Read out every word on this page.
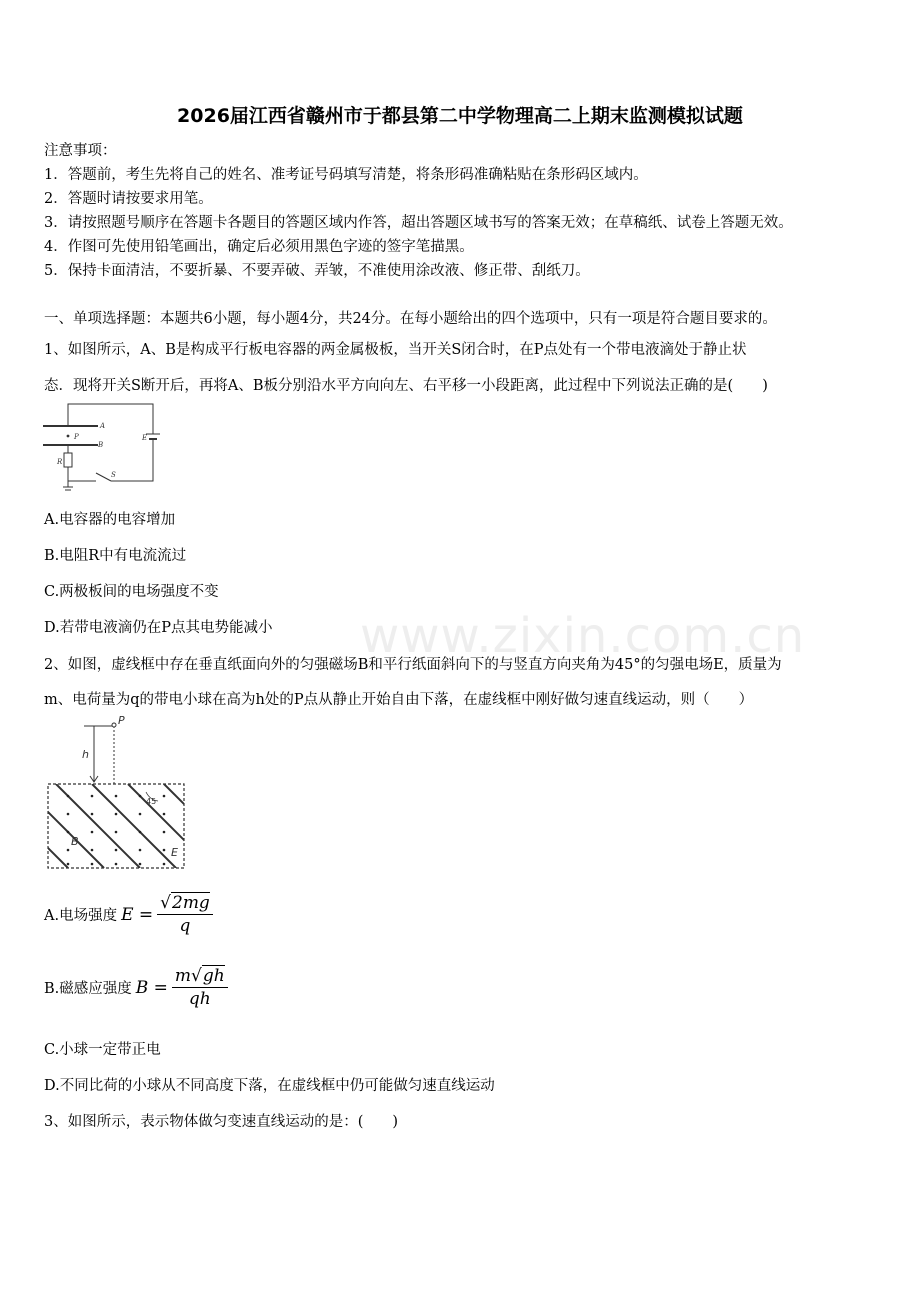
2026届江西省赣州市于都县第二中学物理高二上期末监测模拟试题
注意事项：
1．答题前，考生先将自己的姓名、准考证号码填写清楚，将条形码准确粘贴在条形码区域内。
2．答题时请按要求用笔。
3．请按照题号顺序在答题卡各题目的答题区域内作答，超出答题区域书写的答案无效；在草稿纸、试卷上答题无效。
4．作图可先使用铅笔画出，确定后必须用黑色字迹的签字笔描黑。
5．保持卡面清洁，不要折暴、不要弄破、弄皱，不准使用涂改液、修正带、刮纸刀。
一、单项选择题：本题共6小题，每小题4分，共24分。在每小题给出的四个选项中，只有一项是符合题目要求的。
1、如图所示，A、B是构成平行板电容器的两金属极板，当开关S闭合时，在P点处有一个带电液滴处于静止状
态．现将开关S断开后，再将A、B板分别沿水平方向向左、右平移一小段距离，此过程中下列说法正确的是(　　)
A
P
B
R
S
E
A.电容器的电容增加
B.电阻R中有电流流过
C.两极板间的电场强度不变
D.若带电液滴仍在P点其电势能减小 www.zixin.com.cn
2、如图，虚线框中存在垂直纸面向外的匀强磁场B和平行纸面斜向下的与竖直方向夹角为45°的匀强电场E，质量为
m、电荷量为q的带电小球在高为h处的P点从静止开始自由下落，在虚线框中刚好做匀速直线运动，则（　　）
P
h
45
B
E
A.电场强度 $E = \frac{√2mg}{q}$
B.磁感应强度 $B = \frac{m√gh}{qh}$
C.小球一定带正电
D.不同比荷的小球从不同高度下落，在虚线框中仍可能做匀速直线运动
3、如图所示，表示物体做匀变速直线运动的是：(　　)
